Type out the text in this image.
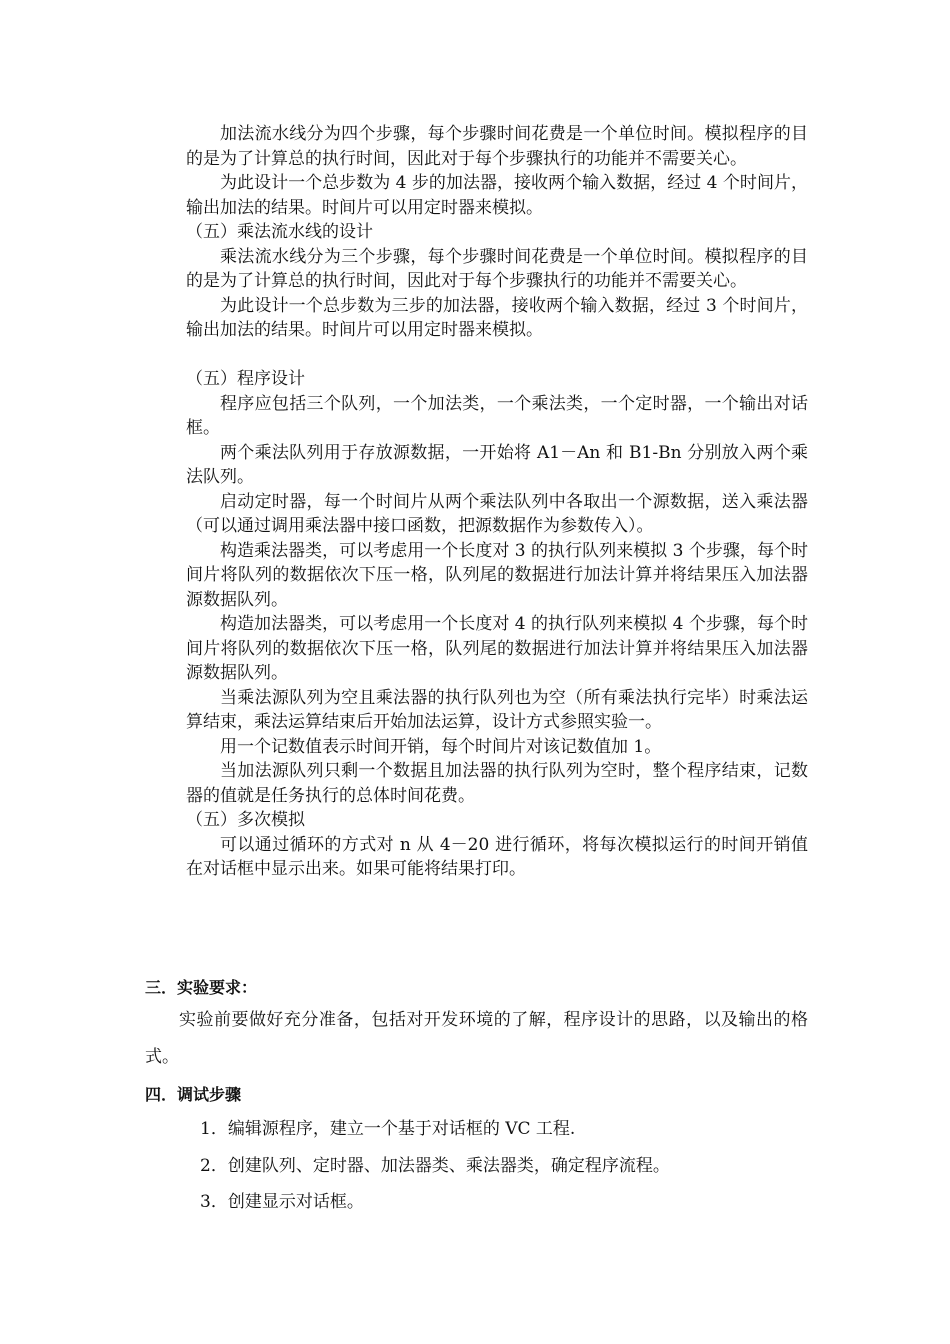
加法流水线分为四个步骤，每个步骤时间花费是一个单位时间。模拟程序的目的是为了计算总的执行时间，因此对于每个步骤执行的功能并不需要关心。

为此设计一个总步数为 4 步的加法器，接收两个输入数据，经过 4 个时间片，输出加法的结果。时间片可以用定时器来模拟。

（五）乘法流水线的设计

乘法流水线分为三个步骤，每个步骤时间花费是一个单位时间。模拟程序的目的是为了计算总的执行时间，因此对于每个步骤执行的功能并不需要关心。

为此设计一个总步数为三步的加法器，接收两个输入数据，经过 3 个时间片，输出加法的结果。时间片可以用定时器来模拟。

（五）程序设计

程序应包括三个队列，一个加法类，一个乘法类，一个定时器，一个输出对话框。

两个乘法队列用于存放源数据，一开始将 A1－An 和 B1-Bn 分别放入两个乘法队列。

启动定时器，每一个时间片从两个乘法队列中各取出一个源数据，送入乘法器（可以通过调用乘法器中接口函数，把源数据作为参数传入）。

构造乘法器类，可以考虑用一个长度对 3 的执行队列来模拟 3 个步骤，每个时间片将队列的数据依次下压一格，队列尾的数据进行加法计算并将结果压入加法器源数据队列。

构造加法器类，可以考虑用一个长度对 4 的执行队列来模拟 4 个步骤，每个时间片将队列的数据依次下压一格，队列尾的数据进行加法计算并将结果压入加法器源数据队列。

当乘法源队列为空且乘法器的执行队列也为空（所有乘法执行完毕）时乘法运算结束，乘法运算结束后开始加法运算，设计方式参照实验一。

用一个记数值表示时间开销，每个时间片对该记数值加 1。

当加法源队列只剩一个数据且加法器的执行队列为空时，整个程序结束，记数器的值就是任务执行的总体时间花费。

（五）多次模拟

可以通过循环的方式对 n 从 4－20 进行循环，将每次模拟运行的时间开销值在对话框中显示出来。如果可能将结果打印。

三．实验要求：

实验前要做好充分准备，包括对开发环境的了解，程序设计的思路，以及输出的格式。

四．调试步骤

1．编辑源程序，建立一个基于对话框的 VC 工程.

2．创建队列、定时器、加法器类、乘法器类，确定程序流程。

3．创建显示对话框。
